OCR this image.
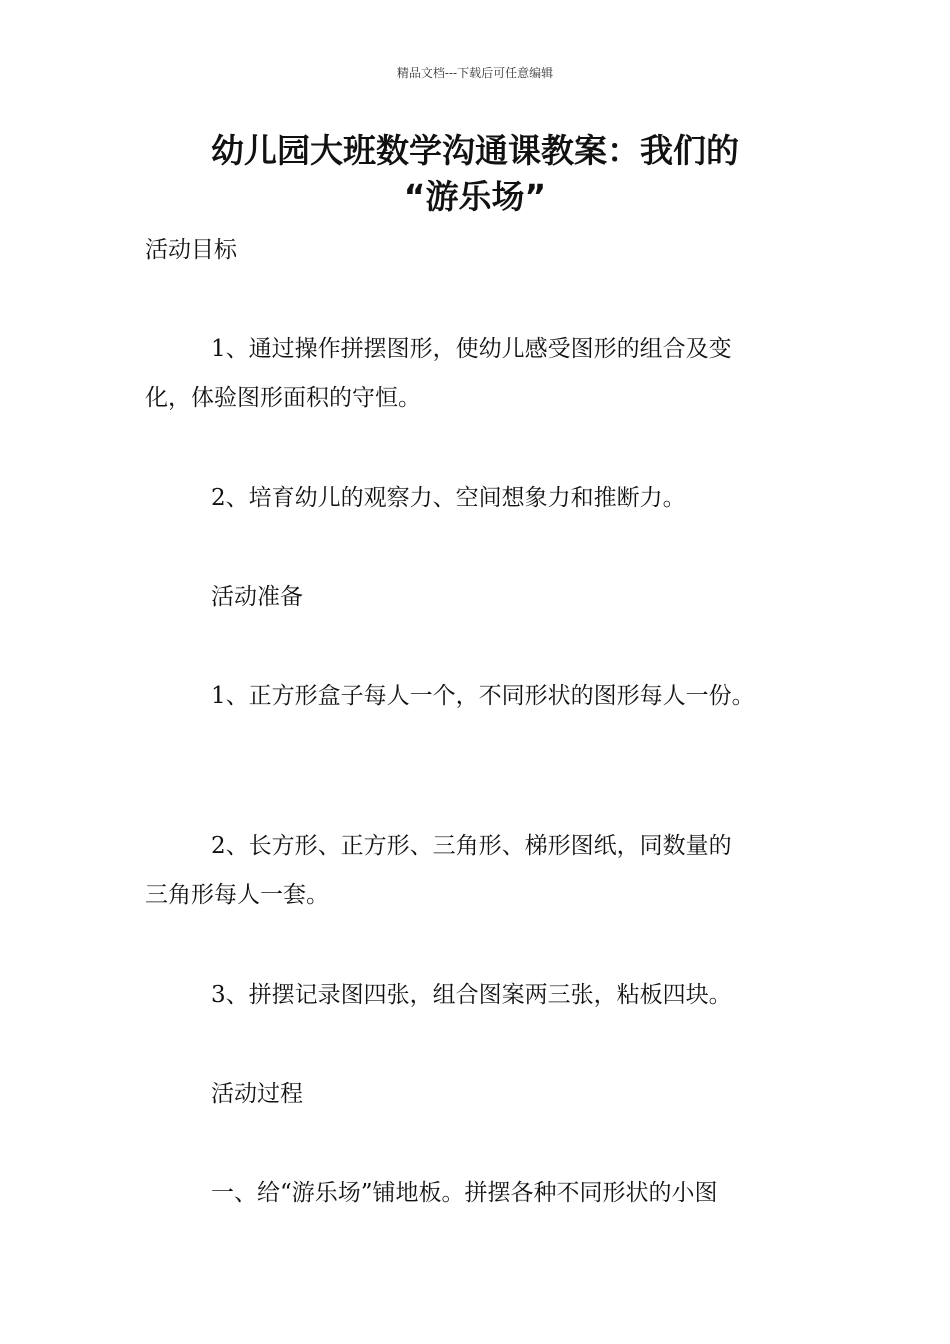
精品文档---下载后可任意编辑
幼儿园大班数学沟通课教案：我们的
“游乐场”
活动目标
1、通过操作拼摆图形，使幼儿感受图形的组合及变
化，体验图形面积的守恒。
2、培育幼儿的观察力、空间想象力和推断力。
活动准备
1、正方形盒子每人一个，不同形状的图形每人一份。
2、长方形、正方形、三角形、梯形图纸，同数量的
三角形每人一套。
3、拼摆记录图四张，组合图案两三张，粘板四块。
活动过程
一、给“游乐场”铺地板。拼摆各种不同形状的小图
